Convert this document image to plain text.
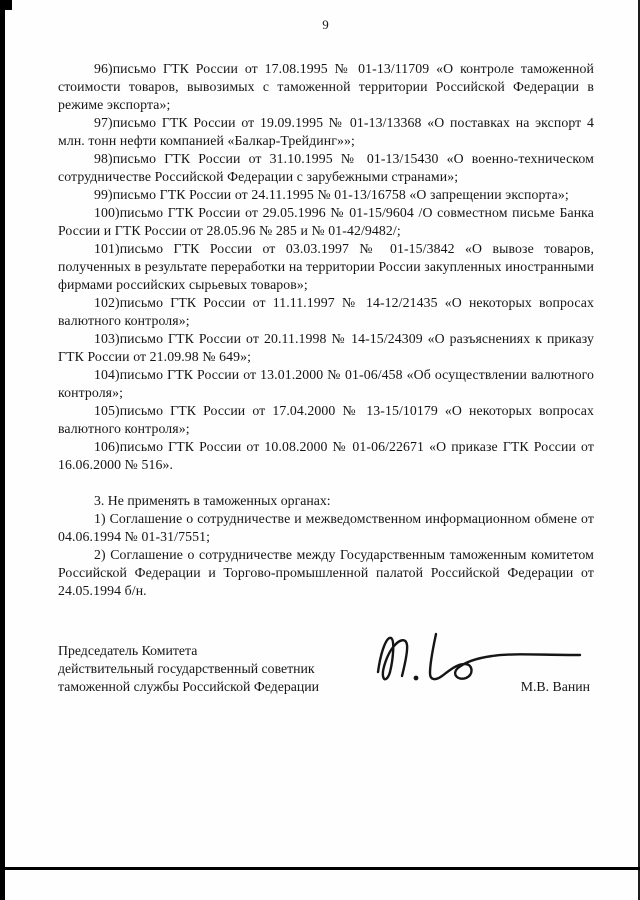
9

96)письмо ГТК России от 17.08.1995 № 01-13/11709 «О контроле таможенной стоимости товаров, вывозимых с таможенной территории Российской Федерации в режиме экспорта»;

97)письмо ГТК России от 19.09.1995 № 01-13/13368 «О поставках на экспорт 4 млн. тонн нефти компанией «Балкар-Трейдинг»»;

98)письмо ГТК России от 31.10.1995 № 01-13/15430 «О военно-техническом сотрудничестве Российской Федерации с зарубежными странами»;

99)письмо ГТК России от 24.11.1995 № 01-13/16758 «О запрещении экспорта»;

100)письмо ГТК России от 29.05.1996 № 01-15/9604 /О совместном письме Банка России и ГТК России от 28.05.96 № 285 и № 01-42/9482/;

101)письмо ГТК России от 03.03.1997 № 01-15/3842 «О вывозе товаров, полученных в результате переработки на территории России закупленных иностранными фирмами российских сырьевых товаров»;

102)письмо ГТК России от 11.11.1997 № 14-12/21435 «О некоторых вопросах валютного контроля»;

103)письмо ГТК России от 20.11.1998 № 14-15/24309 «О разъяснениях к приказу ГТК России от 21.09.98 № 649»;

104)письмо ГТК России от 13.01.2000 № 01-06/458 «Об осуществлении валютного контроля»;

105)письмо ГТК России от 17.04.2000 № 13-15/10179 «О некоторых вопросах валютного контроля»;

106)письмо ГТК России от 10.08.2000 № 01-06/22671 «О приказе ГТК России от 16.06.2000 № 516».

3. Не применять в таможенных органах:

1) Соглашение о сотрудничестве и межведомственном информационном обмене от 04.06.1994 № 01-31/7551;

2) Соглашение о сотрудничестве между Государственным таможенным комитетом Российской Федерации и Торгово-промышленной палатой Российской Федерации от 24.05.1994 б/н.

Председатель Комитета
действительный государственный советник
таможенной службы Российской Федерации	М.В. Ванин
